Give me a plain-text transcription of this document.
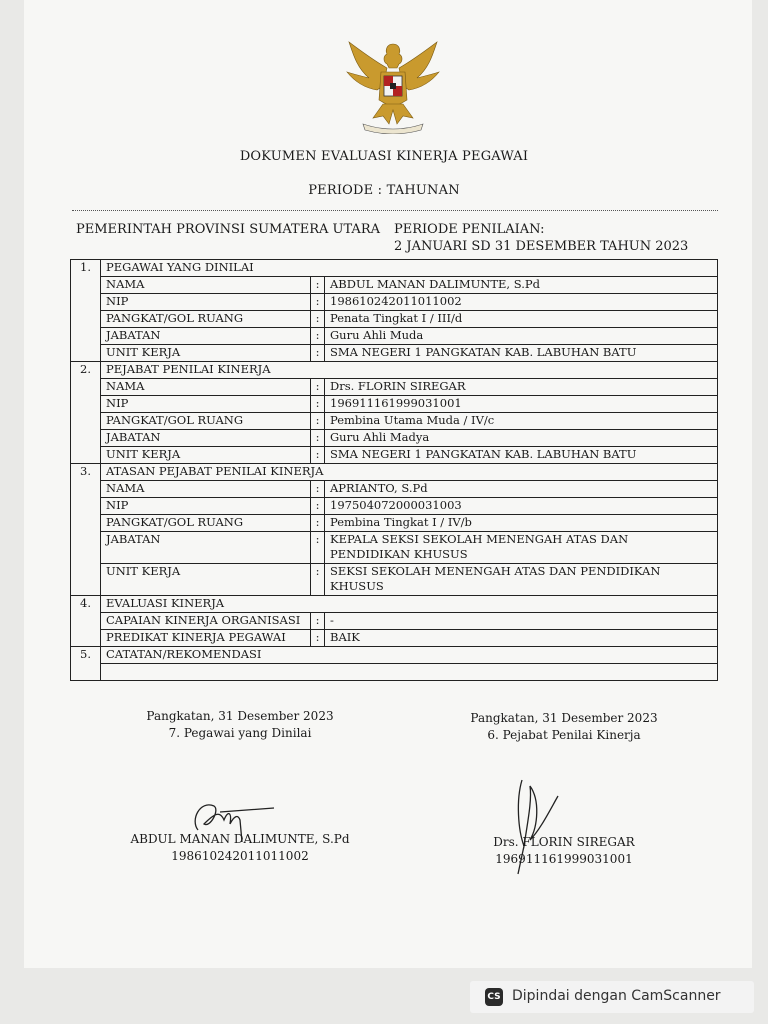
DOKUMEN EVALUASI KINERJA PEGAWAI
PERIODE : TAHUNAN
PEMERINTAH PROVINSI SUMATERA UTARA PERIODE PENILAIAN:
2 JANUARI SD 31 DESEMBER TAHUN 2023
1.	PEGAWAI YANG DINILAI		
	NAMA	:	ABDUL MANAN DALIMUNTE, S.Pd
	NIP	:	198610242011011002
	PANGKAT/GOL RUANG	:	Penata Tingkat I / III/d
	JABATAN	:	Guru Ahli Muda
	UNIT KERJA	:	SMA NEGERI 1 PANGKATAN KAB. LABUHAN BATU
2.	PEJABAT PENILAI KINERJA		
	NAMA	:	Drs. FLORIN SIREGAR
	NIP	:	196911161999031001
	PANGKAT/GOL RUANG	:	Pembina Utama Muda / IV/c
	JABATAN	:	Guru Ahli Madya
	UNIT KERJA	:	SMA NEGERI 1 PANGKATAN KAB. LABUHAN BATU
3.	ATASAN PEJABAT PENILAI KINERJA		
	NAMA	:	APRIANTO, S.Pd
	NIP	:	197504072000031003
	PANGKAT/GOL RUANG	:	Pembina Tingkat I / IV/b
	JABATAN	:	KEPALA SEKSI SEKOLAH MENENGAH ATAS DAN
PENDIDIKAN KHUSUS

	UNIT KERJA	:	SEKSI SEKOLAH MENENGAH ATAS DAN PENDIDIKAN
KHUSUS

4.	EVALUASI KINERJA		
	CAPAIAN KINERJA ORGANISASI	:	-
	PREDIKAT KINERJA PEGAWAI	:	BAIK
5.	CATATAN/REKOMENDASI		

Pangkatan, 31 Desember 2023
7. Pegawai yang Dinilai
ABDUL MANAN DALIMUNTE, S.Pd
198610242011011002
Pangkatan, 31 Desember 2023
6. Pejabat Penilai Kinerja
Drs. FLORIN SIREGAR
196911161999031001
CS Dipindai dengan CamScanner
